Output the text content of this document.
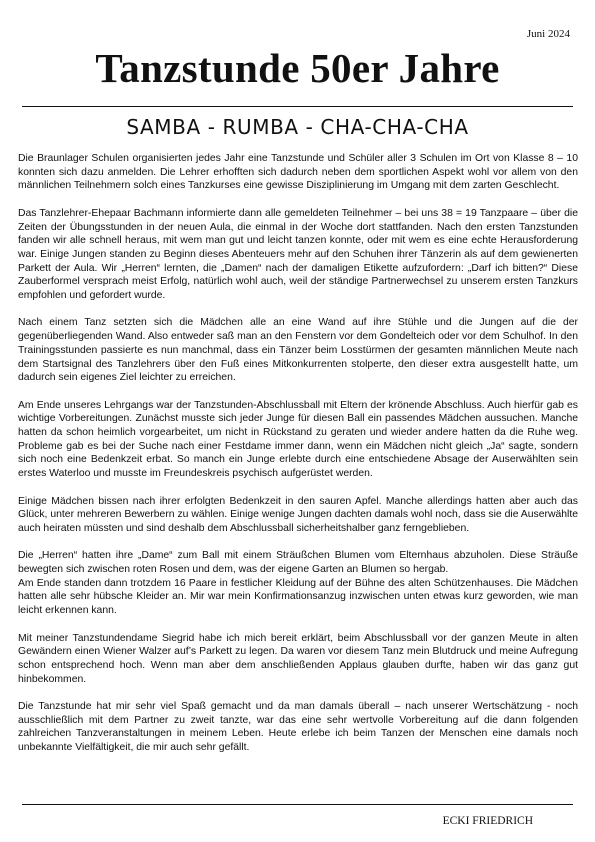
Juni 2024
Tanzstunde 50er Jahre
SAMBA - RUMBA - CHA-CHA-CHA

Die Braunlager Schulen organisierten jedes Jahr eine Tanzstunde und Schüler aller 3 Schulen im Ort von Klasse 8 – 10 konnten sich dazu anmelden. Die Lehrer erhofften sich dadurch neben dem sportlichen Aspekt wohl vor allem von den männlichen Teilnehmern solch eines Tanzkurses eine gewisse Disziplinierung im Umgang mit dem zarten Geschlecht.

Das Tanzlehrer-Ehepaar Bachmann informierte dann alle gemeldeten Teilnehmer – bei uns 38 = 19 Tanzpaare – über die Zeiten der Übungsstunden in der neuen Aula, die einmal in der Woche dort stattfanden. Nach den ersten Tanzstunden fanden wir alle schnell heraus, mit wem man gut und leicht tanzen konnte, oder mit wem es eine echte Herausforderung war. Einige Jungen standen zu Beginn dieses Abenteuers mehr auf den Schuhen ihrer Tänzerin als auf dem gewienerten Parkett der Aula. Wir „Herren“ lernten, die „Damen“ nach der damaligen Etikette aufzufordern: „Darf ich bitten?“ Diese Zauberformel versprach meist Erfolg, natürlich wohl auch, weil der ständige Partnerwechsel zu unserem ersten Tanzkurs empfohlen und gefordert wurde.

Nach einem Tanz setzten sich die Mädchen alle an eine Wand auf ihre Stühle und die Jungen auf die der gegenüberliegenden Wand. Also entweder saß man an den Fenstern vor dem Gondelteich oder vor dem Schulhof. In den Trainingsstunden passierte es nun manchmal, dass ein Tänzer beim Losstürmen der gesamten männlichen Meute nach dem Startsignal des Tanzlehrers über den Fuß eines Mitkonkurrenten stolperte, den dieser extra ausgestellt hatte, um dadurch sein eigenes Ziel leichter zu erreichen.

Am Ende unseres Lehrgangs war der Tanzstunden-Abschlussball mit Eltern der krönende Abschluss. Auch hierfür gab es wichtige Vorbereitungen. Zunächst musste sich jeder Junge für diesen Ball ein passendes Mädchen aussuchen. Manche hatten da schon heimlich vorgearbeitet, um nicht in Rückstand zu geraten und wieder andere hatten da die Ruhe weg. Probleme gab es bei der Suche nach einer Festdame immer dann, wenn ein Mädchen nicht gleich „Ja“ sagte, sondern sich noch eine Bedenkzeit erbat. So manch ein Junge erlebte durch eine entschiedene Absage der Auserwählten sein erstes Waterloo und musste im Freundeskreis psychisch aufgerüstet werden.

Einige Mädchen bissen nach ihrer erfolgten Bedenkzeit in den sauren Apfel. Manche allerdings hatten aber auch das Glück, unter mehreren Bewerbern zu wählen. Einige wenige Jungen dachten damals wohl noch, dass sie die Auserwählte auch heiraten müssten und sind deshalb dem Abschlussball sicherheitshalber ganz ferngeblieben.

Die „Herren“ hatten ihre „Dame“ zum Ball mit einem Sträußchen Blumen vom Elternhaus abzuholen. Diese Sträuße bewegten sich zwischen roten Rosen und dem, was der eigene Garten an Blumen so hergab.

Am Ende standen dann trotzdem 16 Paare in festlicher Kleidung auf der Bühne des alten Schützenhauses. Die Mädchen hatten alle sehr hübsche Kleider an. Mir war mein Konfirmationsanzug inzwischen unten etwas kurz geworden, wie man leicht erkennen kann.

Mit meiner Tanzstundendame Siegrid habe ich mich bereit erklärt, beim Abschlussball vor der ganzen Meute in alten Gewändern einen Wiener Walzer auf’s Parkett zu legen. Da waren vor diesem Tanz mein Blutdruck und meine Aufregung schon entsprechend hoch. Wenn man aber dem anschließenden Applaus glauben durfte, haben wir das ganz gut hinbekommen.

Die Tanzstunde hat mir sehr viel Spaß gemacht und da man damals überall – nach unserer Wertschätzung - noch ausschließlich mit dem Partner zu zweit tanzte, war das eine sehr wertvolle Vorbereitung auf die dann folgenden zahlreichen Tanzveranstaltungen in meinem Leben. Heute erlebe ich beim Tanzen der Menschen eine damals noch unbekannte Vielfältigkeit, die mir auch sehr gefällt.

ECKI FRIEDRICH
